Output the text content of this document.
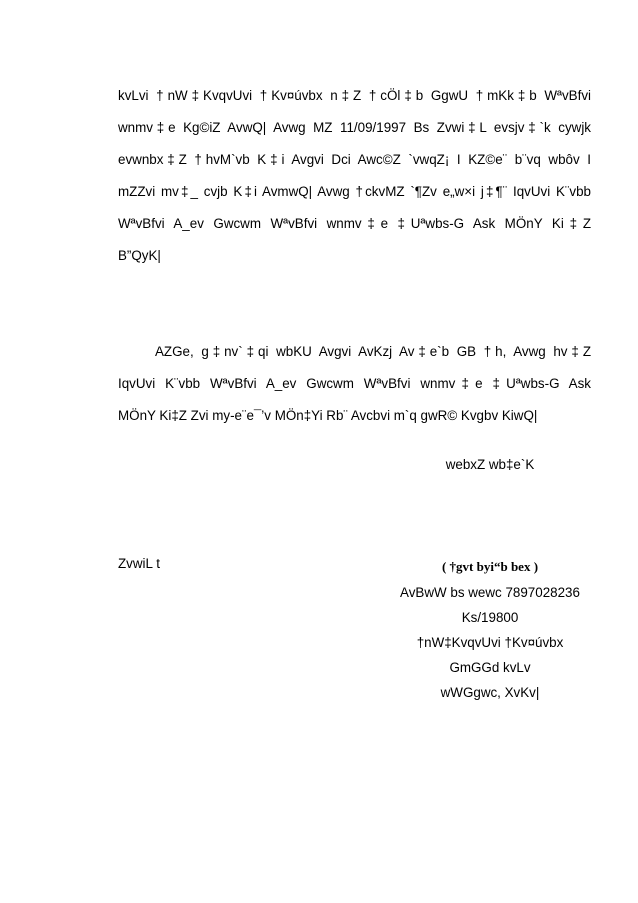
kvLvi †nW‡KvqvUvi †Kv¤úvbx n‡Z †cÖl‡b GgwU †mKk‡b WªvBfvi
wnmv‡e Kg©iZ AvwQ| Avwg MZ 11/09/1997 Bs Zvwi‡L evsjv‡`k cywjk
evwnbx‡Z †hvM`vb K‡i Avgvi Dci Awc©Z `vwqZ¡ I KZ©e¨ b¨vq wbôv I
mZZvi mv‡_ cvjb K‡i AvmwQ| Avwg †ckvMZ `¶Zv e„w×i j‡¶¨ IqvUvi K¨vbb
WªvBfvi A_ev Gwcwm WªvBfvi wnmv‡e ‡Uªwbs-G Ask MÖnY Ki‡Z
B”QyK|
AZGe, g‡nv`‡qi wbKU Avgvi AvKzj Av‡e`b GB †h, Avwg hv‡Z
IqvUvi K¨vbb WªvBfvi A_ev Gwcwm WªvBfvi wnmv‡e ‡Uªwbs-G Ask
MÖnY Ki‡Z Zvi my-e¨e¯’v MÖn‡Yi Rb¨ Avcbvi m`q gwR© Kvgbv KiwQ|
webxZ wb‡e`K
ZvwiL t	( †gvt byi“b bex )
AvBwW bs wewc 7897028236
Ks/19800
†nW‡KvqvUvi †Kv¤úvbx
GmGGd kvLv
wWGgwc, XvKv|
